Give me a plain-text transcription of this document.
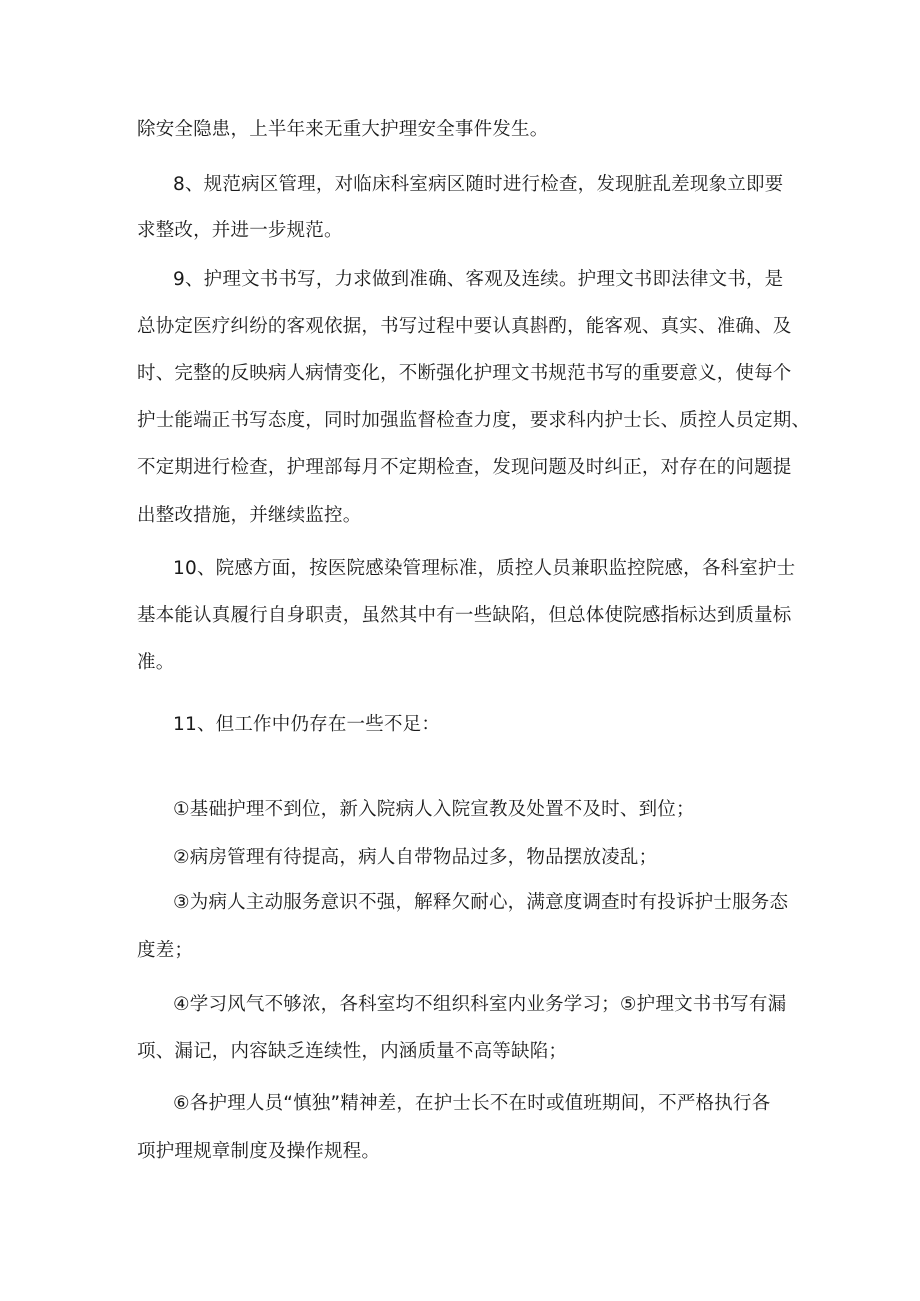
除安全隐患，上半年来无重大护理安全事件发生。
8、规范病区管理，对临床科室病区随时进行检查，发现脏乱差现象立即要
求整改，并进一步规范。
9、护理文书书写，力求做到准确、客观及连续。护理文书即法律文书，是
总协定医疗纠纷的客观依据，书写过程中要认真斟酌，能客观、真实、准确、及
时、完整的反映病人病情变化，不断强化护理文书规范书写的重要意义，使每个
护士能端正书写态度，同时加强监督检查力度，要求科内护士长、质控人员定期、
不定期进行检查，护理部每月不定期检查，发现问题及时纠正，对存在的问题提
出整改措施，并继续监控。
10、院感方面，按医院感染管理标准，质控人员兼职监控院感，各科室护士
基本能认真履行自身职责，虽然其中有一些缺陷，但总体使院感指标达到质量标
准。
11、但工作中仍存在一些不足：
①基础护理不到位，新入院病人入院宣教及处置不及时、到位；
②病房管理有待提高，病人自带物品过多，物品摆放凌乱；
③为病人主动服务意识不强，解释欠耐心，满意度调查时有投诉护士服务态
度差；
④学习风气不够浓，各科室均不组织科室内业务学习；⑤护理文书书写有漏
项、漏记，内容缺乏连续性，内涵质量不高等缺陷；
⑥各护理人员“慎独”精神差，在护士长不在时或值班期间，不严格执行各
项护理规章制度及操作规程。
